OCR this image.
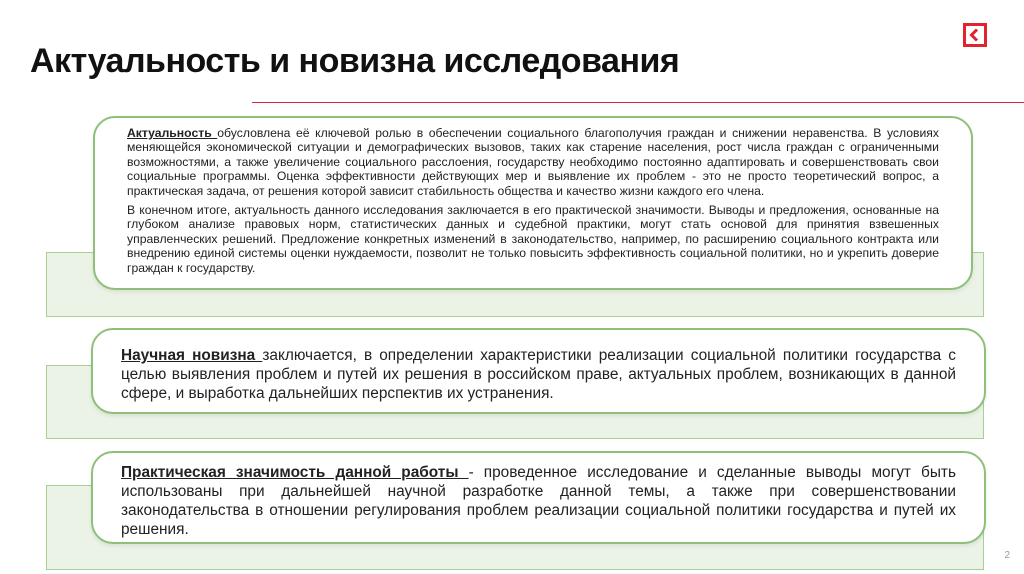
Актуальность и новизна исследования

Актуальность обусловлена её ключевой ролью в обеспечении социального благополучия граждан и снижении неравенства. В условиях меняющейся экономической ситуации и демографических вызовов, таких как старение населения, рост числа граждан с ограниченными возможностями, а также увеличение социального расслоения, государству необходимо постоянно адаптировать и совершенствовать свои социальные программы. Оценка эффективности действующих мер и выявление их проблем - это не просто теоретический вопрос, а практическая задача, от решения которой зависит стабильность общества и качество жизни каждого его члена.

В конечном итоге, актуальность данного исследования заключается в его практической значимости. Выводы и предложения, основанные на глубоком анализе правовых норм, статистических данных и судебной практики, могут стать основой для принятия взвешенных управленческих решений. Предложение конкретных изменений в законодательство, например, по расширению социального контракта или внедрению единой системы оценки нуждаемости, позволит не только повысить эффективность социальной политики, но и укрепить доверие граждан к государству.

Научная новизна заключается, в определении характеристики реализации социальной политики государства с целью выявления проблем и путей их решения в российском праве, актуальных проблем, возникающих в данной сфере, и выработка дальнейших перспектив их устранения.

Практическая значимость данной работы - проведенное исследование и сделанные выводы могут быть использованы при дальнейшей научной разработке данной темы, а также при совершенствовании законодательства в отношении регулирования проблем реализации социальной политики государства и путей их решения.

2
